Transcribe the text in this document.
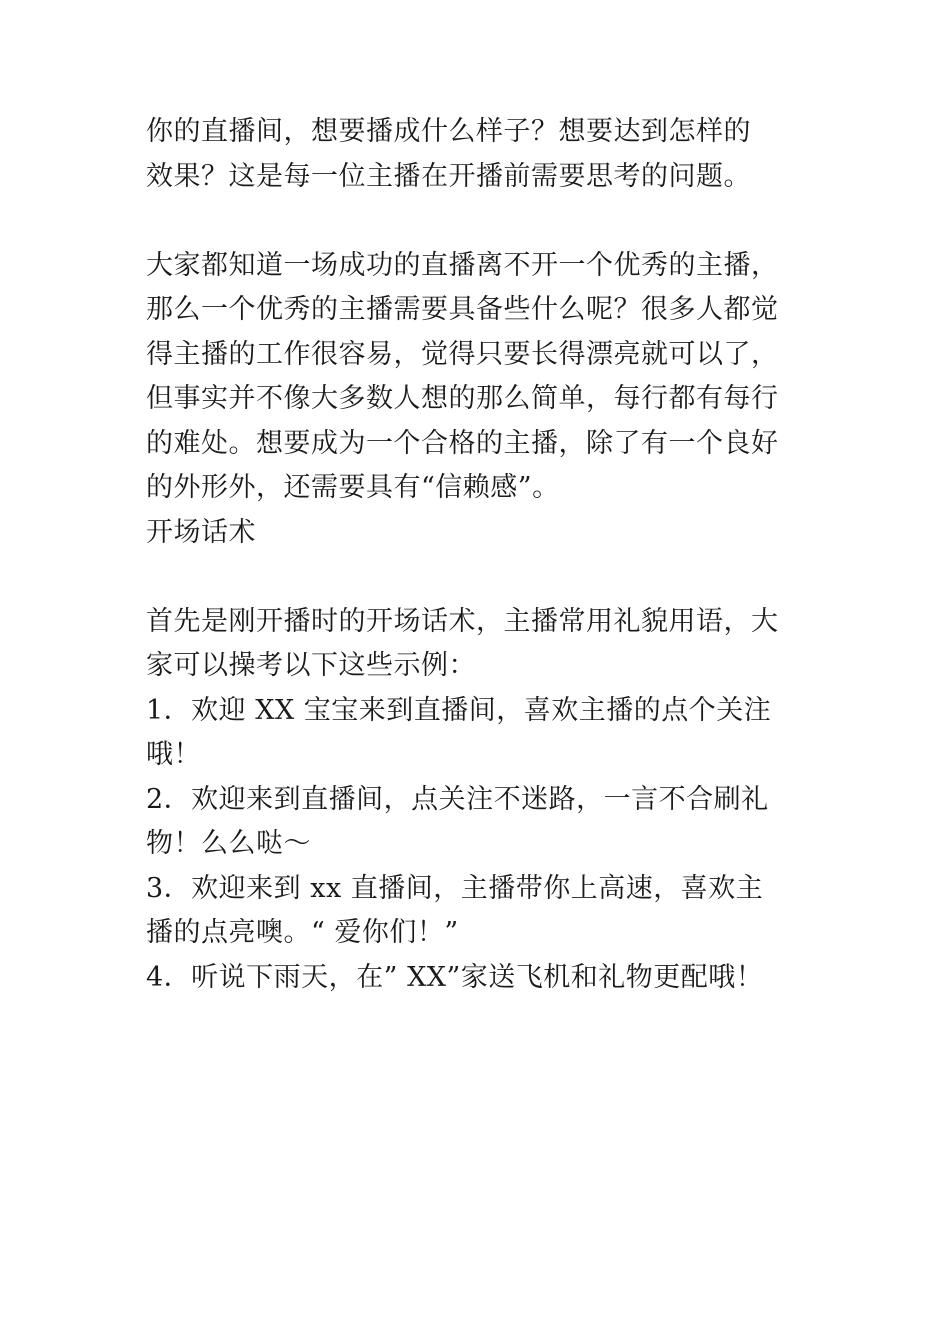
你的直播间，想要播成什么样子？想要达到怎样的
效果？这是每一位主播在开播前需要思考的问题。
大家都知道一场成功的直播离不开一个优秀的主播，
那么一个优秀的主播需要具备些什么呢？很多人都觉
得主播的工作很容易，觉得只要长得漂亮就可以了，
但事实并不像大多数人想的那么简单，每行都有每行
的难处。想要成为一个合格的主播，除了有一个良好
的外形外，还需要具有“信赖感”。
开场话术
首先是刚开播时的开场话术，主播常用礼貌用语，大
家可以操考以下这些示例：
1．欢迎 XX 宝宝来到直播间，喜欢主播的点个关注
哦！
2．欢迎来到直播间，点关注不迷路，一言不合刷礼
物！么么哒～
3．欢迎来到 xx 直播间，主播带你上高速，喜欢主
播的点亮噢。“ 爱你们！”
4．听说下雨天，在” XX”家送飞机和礼物更配哦！
